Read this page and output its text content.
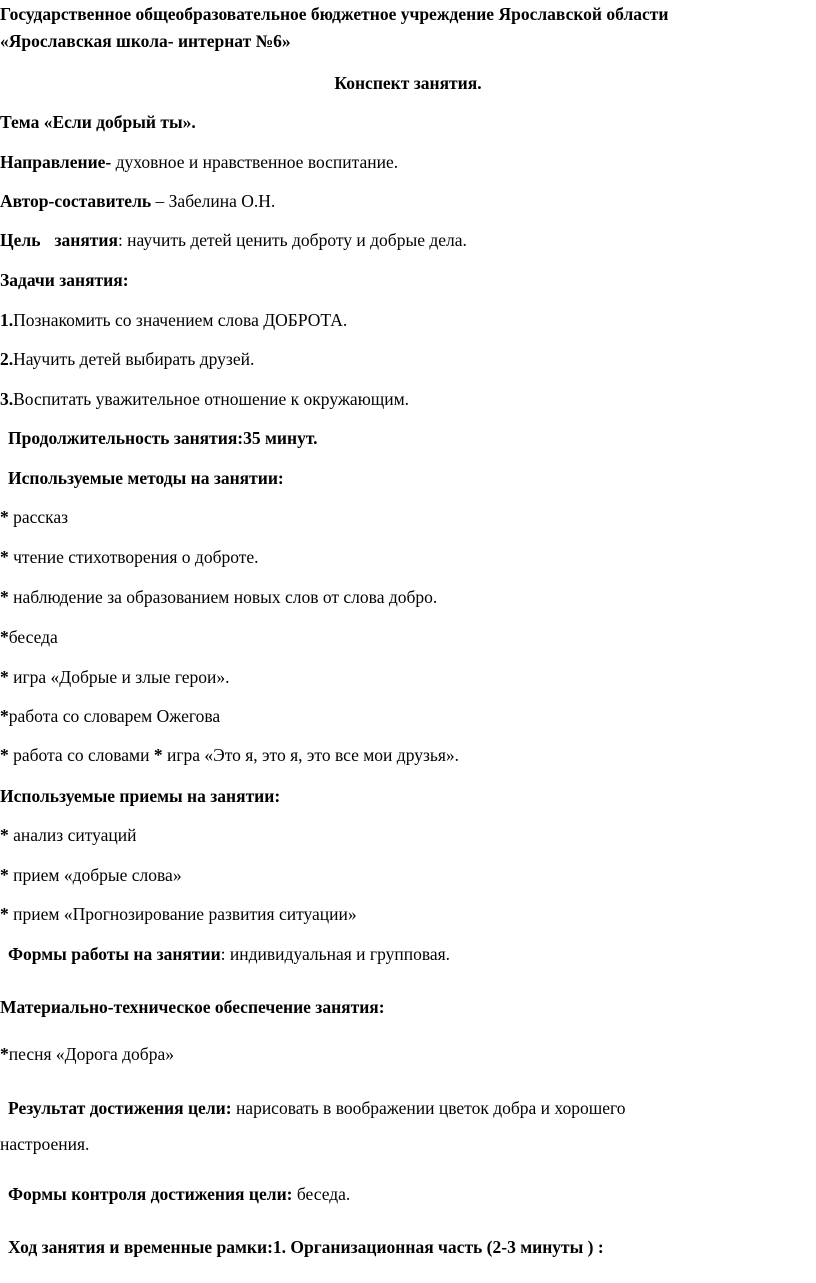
Государственное общеобразовательное бюджетное учреждение Ярославской области
«Ярославская школа- интернат №6»
Конспект занятия.
Тема «Если добрый ты».
Направление- духовное и нравственное воспитание.
Автор-составитель – Забелина О.Н.
Цель занятия: научить детей ценить доброту и добрые дела.
Задачи занятия:
1.Познакомить со значением слова ДОБРОТА.
2.Научить детей выбирать друзей.
3.Воспитать уважительное отношение к окружающим.
Продолжительность занятия:35 минут.
Используемые методы на занятии:
* рассказ
* чтение стихотворения о доброте.
* наблюдение за образованием новых слов от слова добро.
*беседа
* игра «Добрые и злые герои».
*работа со словарем Ожегова
* работа со словами * игра «Это я, это я, это все мои друзья».
Используемые приемы на занятии:
* анализ ситуаций
* прием «добрые слова»
* прием «Прогнозирование развития ситуации»
Формы работы на занятии: индивидуальная и групповая.
Материально-техническое обеспечение занятия:
*песня «Дорога добра»
Результат достижения цели: нарисовать в воображении цветок добра и хорошего
настроения.
Формы контроля достижения цели: беседа.
Ход занятия и временные рамки:1. Организационная часть (2-3 минуты ) :
